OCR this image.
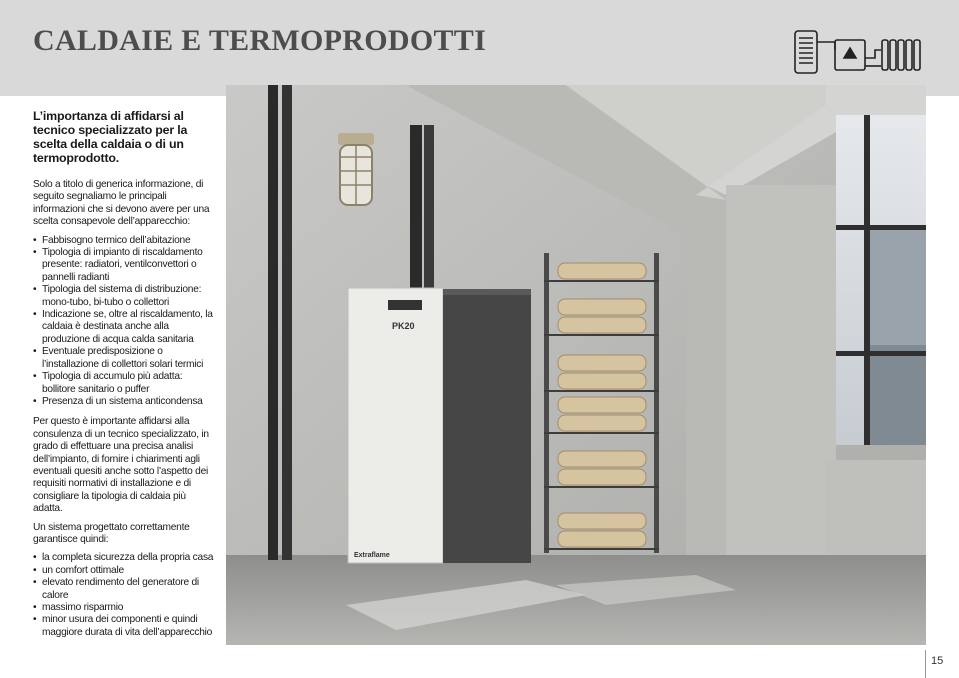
CALDAIE E TERMOPRODOTTI
L’importanza di affidarsi al tecnico specializzato per la scelta della caldaia o di un termoprodotto.

Solo a titolo di generica informazione, di seguito segnaliamo le principali informazioni che si devono avere per una scelta consapevole dell’apparecchio:

• Fabbisogno termico dell’abitazione
• Tipologia di impianto di riscaldamento presente: radiatori, ventilconvettori o pannelli radianti
• Tipologia del sistema di distribuzione: mono-tubo, bi-tubo o collettori
• Indicazione se, oltre al riscaldamento, la caldaia è destinata anche alla produzione di acqua calda sanitaria
• Eventuale predisposizione o l’installazione di collettori solari termici
• Tipologia di accumulo più adatta: bollitore sanitario o puffer
• Presenza di un sistema anticondensa

Per questo è importante affidarsi alla consulenza di un tecnico specializzato, in grado di effettuare una precisa analisi dell’impianto, di fornire i chiarimenti agli eventuali quesiti anche sotto l’aspetto dei requisiti normativi di installazione e di consigliare la tipologia di caldaia più adatta.

Un sistema progettato correttamente garantisce quindi:

• la completa sicurezza della propria casa
• un comfort ottimale
• elevato rendimento del generatore di calore
• massimo risparmio
• minor usura dei componenti e quindi maggiore durata di vita dell’apparecchio
PK20
Extraflame
15
